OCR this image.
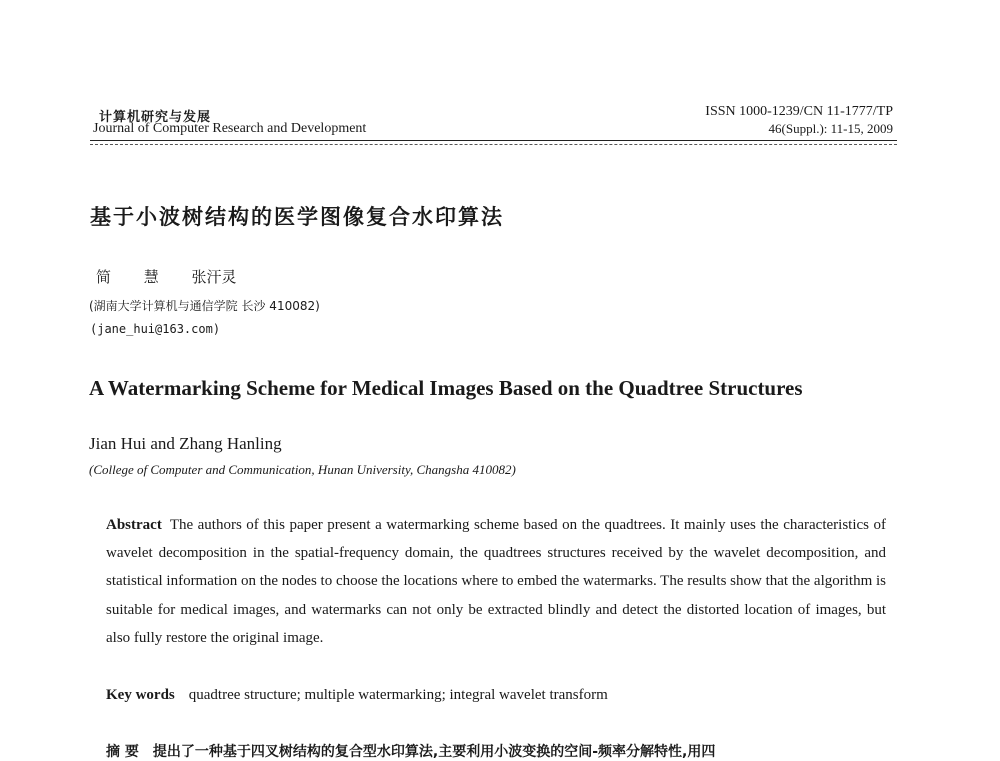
计算机研究与发展
Journal of Computer Research and Development
ISSN 1000-1239/CN 11-1777/TP
46(Suppl.): 11-15, 2009
基于小波树结构的医学图像复合水印算法
简 慧 张汗灵
(湖南大学计算机与通信学院 长沙 410082)
(jane_hui@163.com)
A Watermarking Scheme for Medical Images Based on the Quadtree Structures
Jian Hui and Zhang Hanling
(College of Computer and Communication, Hunan University, Changsha 410082)
Abstract The authors of this paper present a watermarking scheme based on the quadtrees. It mainly uses the characteristics of wavelet decomposition in the spatial-frequency domain, the quadtrees structures received by the wavelet decomposition, and statistical information on the nodes to choose the locations where to embed the watermarks. The results show that the algorithm is suitable for medical images, and watermarks can not only be extracted blindly and detect the distorted location of images, but also fully restore the original image.
Key words quadtree structure; multiple watermarking; integral wavelet transform
摘 要 提出了一种基于四叉树结构的复合型水印算法,主要利用小波变换的空间-频率分解特性,用四
